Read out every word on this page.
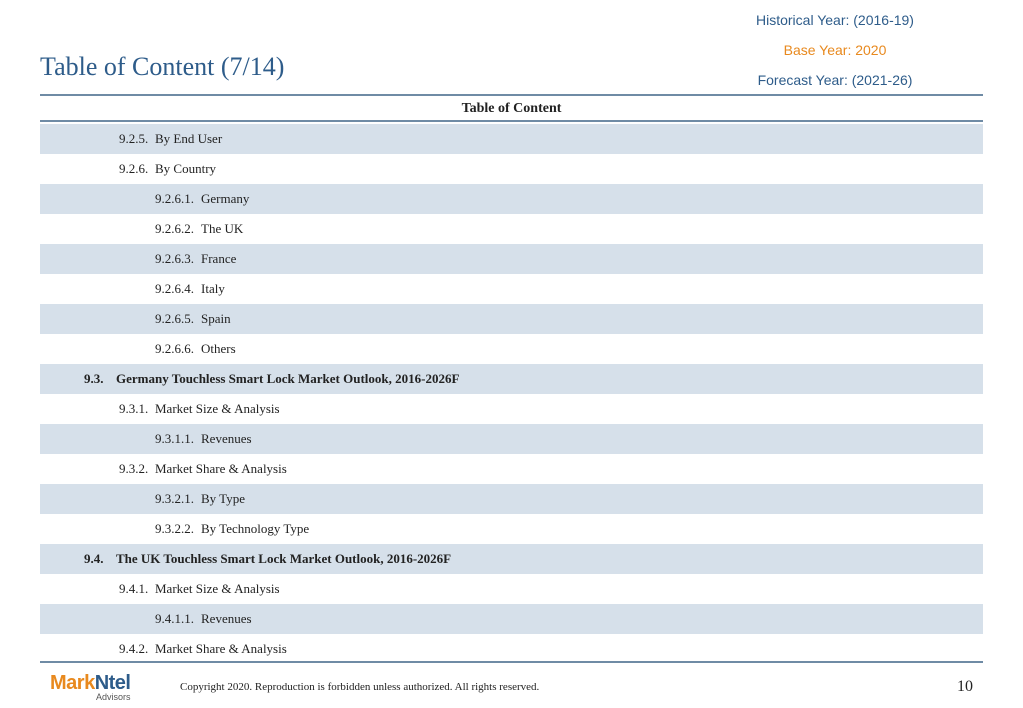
Table of Content (7/14)
Historical Year: (2016-19)
Base Year: 2020
Forecast Year: (2021-26)
Table of Content
9.2.5. By End User
9.2.6. By Country
9.2.6.1. Germany
9.2.6.2. The UK
9.2.6.3. France
9.2.6.4. Italy
9.2.6.5. Spain
9.2.6.6. Others
9.3. Germany Touchless Smart Lock Market Outlook, 2016-2026F
9.3.1. Market Size & Analysis
9.3.1.1. Revenues
9.3.2. Market Share & Analysis
9.3.2.1. By Type
9.3.2.2. By Technology Type
9.4. The UK Touchless Smart Lock Market Outlook, 2016-2026F
9.4.1. Market Size & Analysis
9.4.1.1. Revenues
9.4.2. Market Share & Analysis
MarkNtel
Advisors
Copyright 2020. Reproduction is forbidden unless authorized. All rights reserved.	10
